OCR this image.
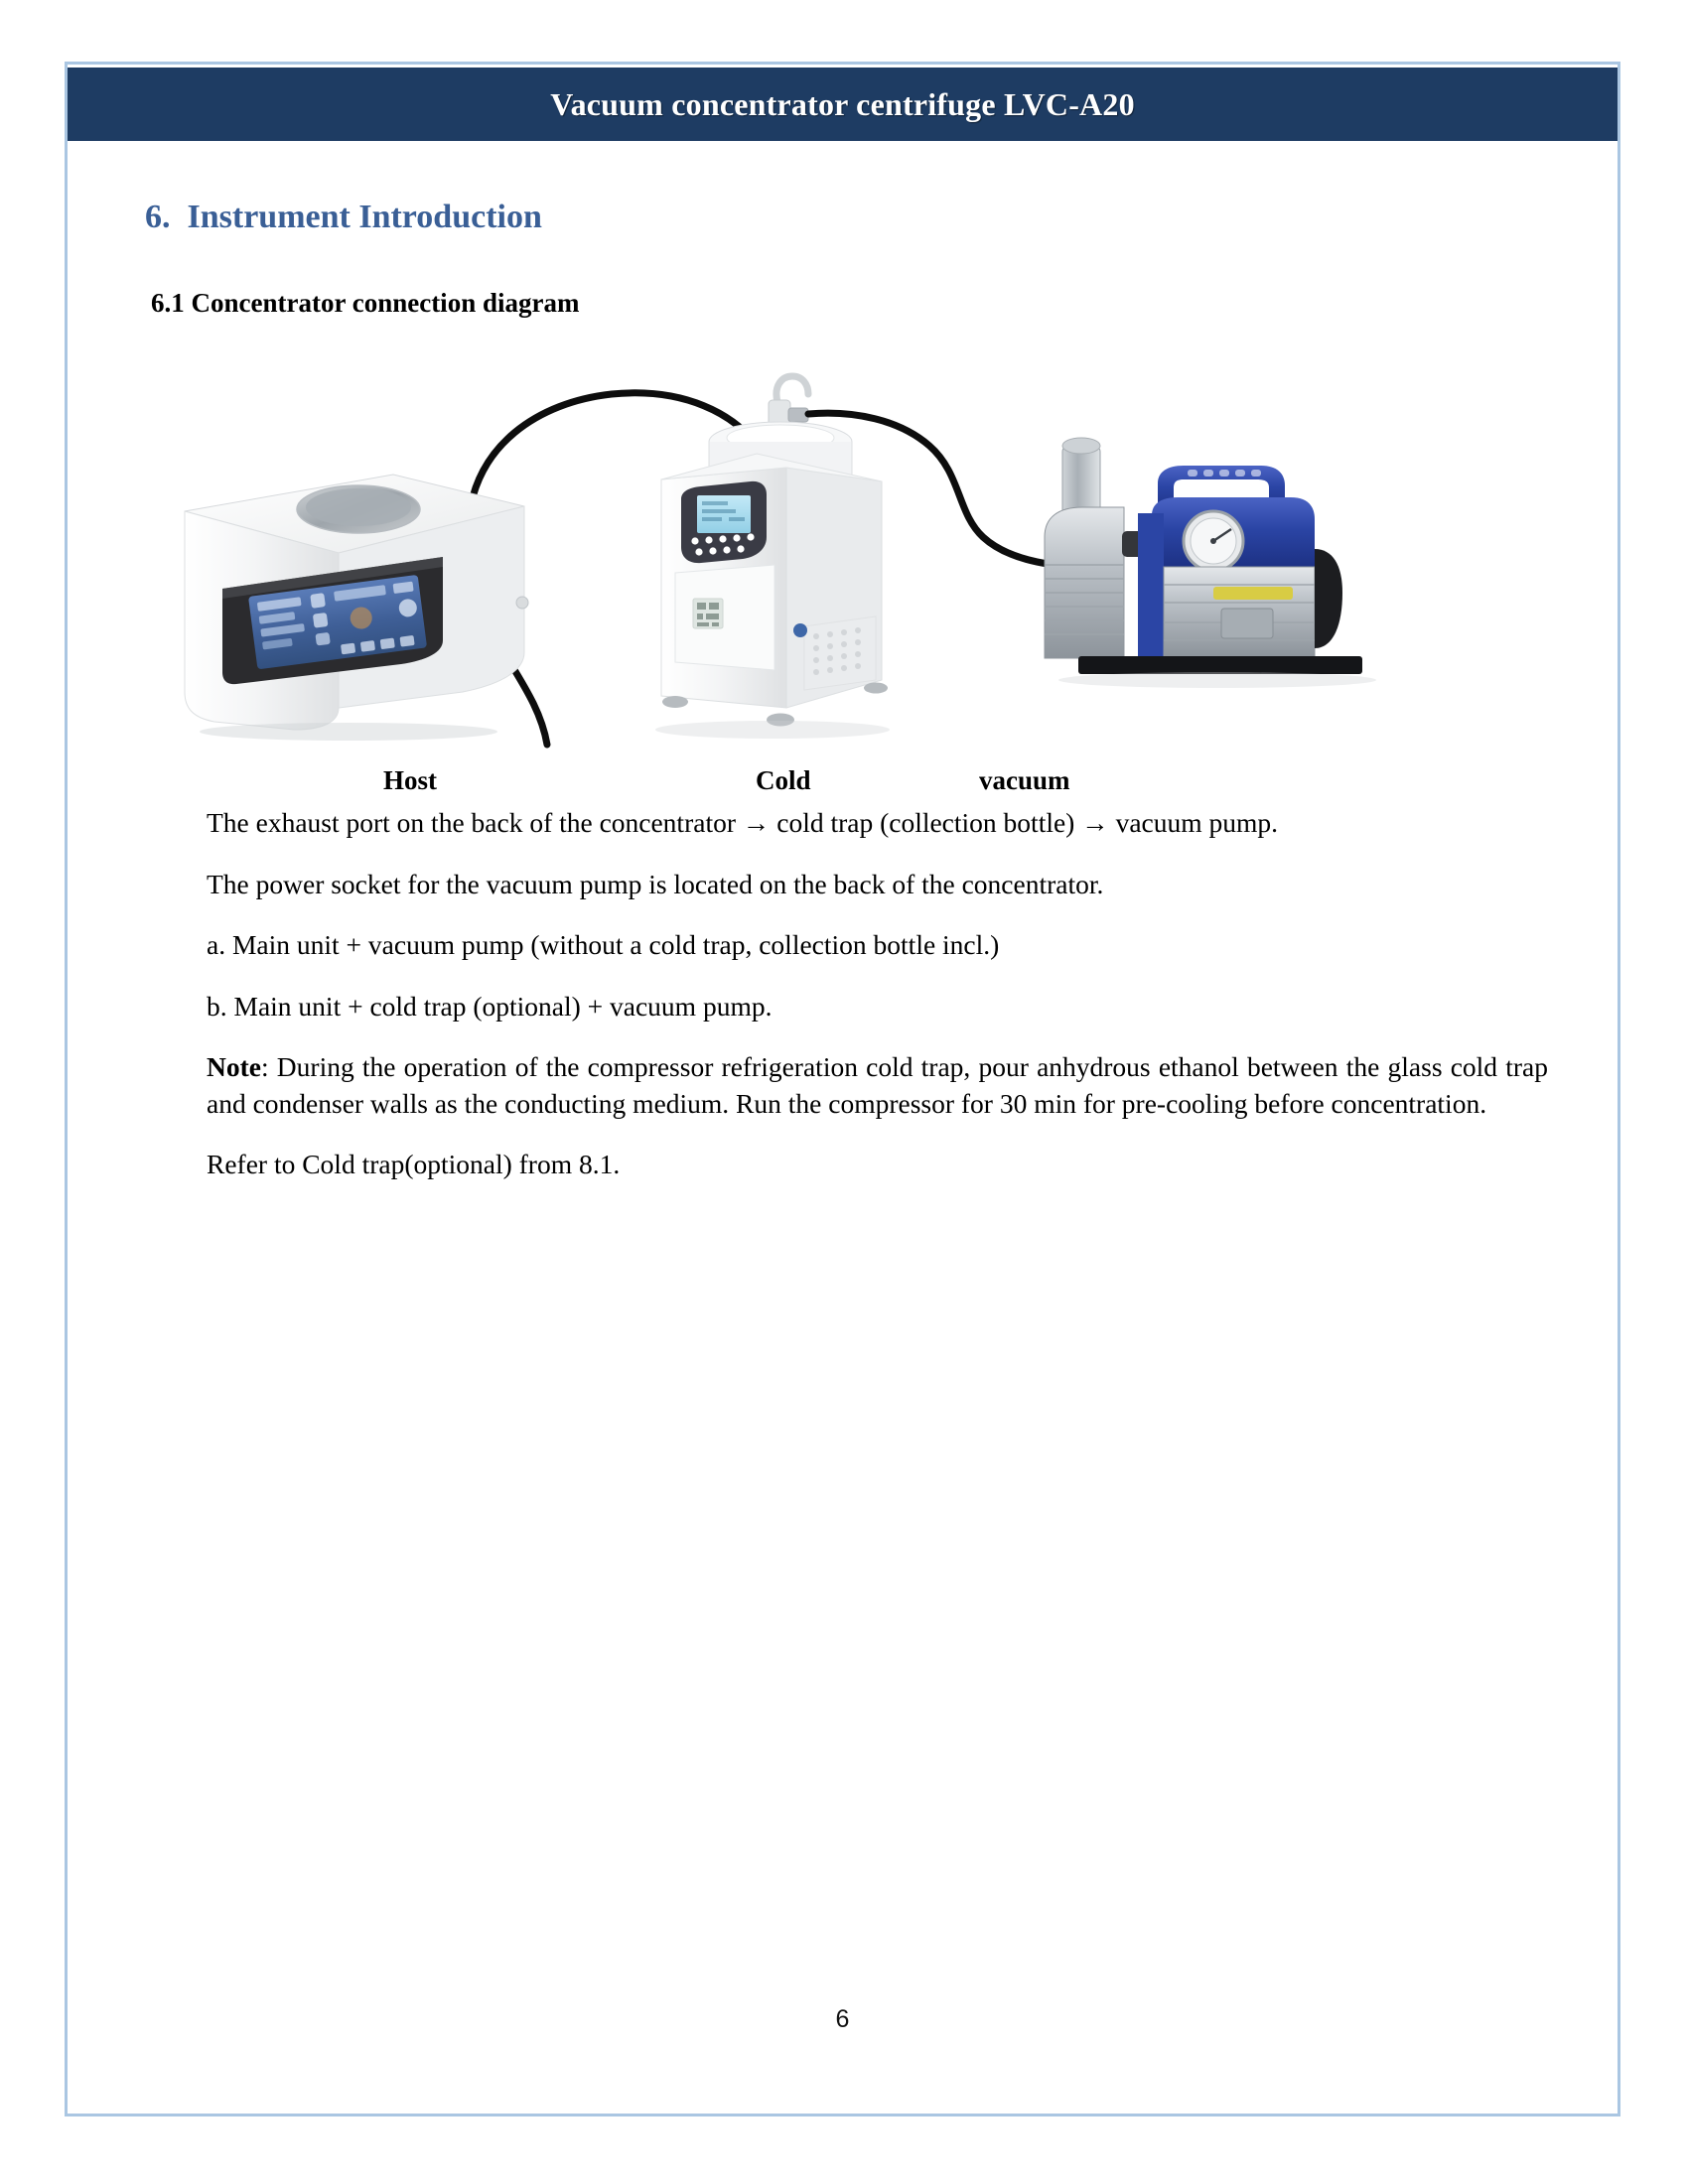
Vacuum concentrator centrifuge LVC-A20
6.  Instrument Introduction
6.1 Concentrator connection diagram
Host	Cold	vacuum

The exhaust port on the back of the concentrator → cold trap (collection bottle) → vacuum pump.

The power socket for the vacuum pump is located on the back of the concentrator.

a. Main unit + vacuum pump (without a cold trap, collection bottle incl.)

b. Main unit + cold trap (optional) + vacuum pump.

Note: During the operation of the compressor refrigeration cold trap, pour anhydrous ethanol between the glass cold trap and condenser walls as the conducting medium. Run the compressor for 30 min for pre-cooling before concentration.

Refer to Cold trap(optional) from 8.1.

6
